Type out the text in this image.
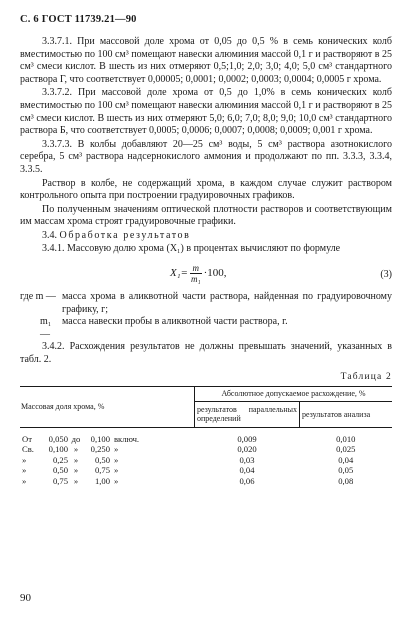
С. 6 ГОСТ 11739.21—90

3.3.7.1. При массовой доле хрома от 0,05 до 0,5 % в семь конических колб вместимостью по 100 см³ помещают навески алюминия массой 0,1 г и растворяют в 25 см³ смеси кислот. В шесть из них отмеряют 0,5;1,0; 2,0; 3,0; 4,0; 5,0 см³ стандартного раствора Г, что соответствует 0,00005; 0,0001; 0,0002; 0,0003; 0,0004; 0,0005 г хрома.

3.3.7.2. При массовой доле хрома от 0,5 до 1,0% в семь конических колб вместимостью по 100 см³ помещают навески алюминия массой 0,1 г и растворяют в 25 см³ смеси кислот. В шесть из них отмеряют 5,0; 6,0; 7,0; 8,0; 9,0; 10,0 см³ стандартного раствора Б, что соответствует 0,0005; 0,0006; 0,0007; 0,0008; 0,0009; 0,001 г хрома.

3.3.7.3. В колбы добавляют 20—25 см³ воды, 5 см³ раствора азотнокислого серебра, 5 см³ раствора надсернокислого аммония и продолжают по пп. 3.3.3, 3.3.4, 3.3.5.

Раствор в колбе, не содержащий хрома, в каждом случае служит раствором контрольного опыта при построении градуировочных графиков.

По полученным значениям оптической плотности растворов и соответствующим им массам хрома строят градуировочные графики.

3.4. Обработка результатов

3.4.1. Массовую долю хрома (X₁) в процентах вычисляют по формуле

$X_1= \frac{m}{\text{m₁}} \cdot 100$,	(3)
где m — масса хрома в аликвотной части раствора, найденная по градуировочному графику, г;
m₁ —
масса навески пробы в аликвотной части раствора, г.

3.4.2. Расхождения результатов не должны превышать значений, указанных в табл. 2.

Таблица 2
Массовая доля хрома, %	Абсолютное допускаемое расхождение, %	
	результатов параллельных определений	результатов анализа

От 0,050 до 0,100 включ.	0,009	0,010

Св. 0,100 » 0,250 »	0,020	0,025

» 0,25 » 0,50 »	0,03	0,04

» 0,50 » 0,75 »	0,04	0,05

» 0,75 » 1,00 »	0,06	0,08
90
